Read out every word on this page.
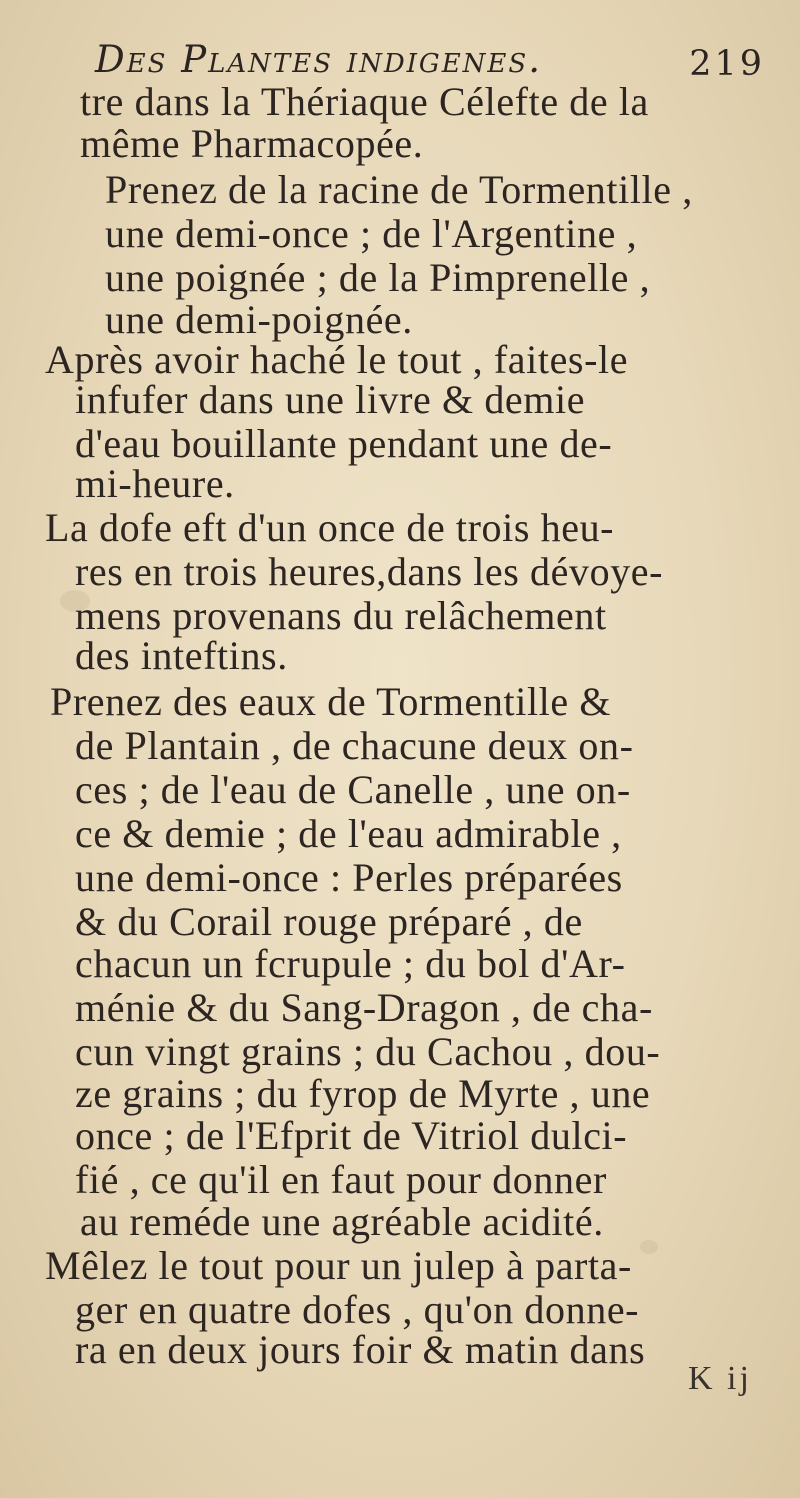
Des Plantes indigenes.	219
tre dans la Thériaque Célefte de la
même Pharmacopée.
Prenez de la racine de Tormentille ,
une demi-once ; de l'Argentine ,
une poignée ; de la Pimprenelle ,
une demi-poignée.
Après avoir haché le tout , faites-le
infufer dans une livre & demie
d'eau bouillante pendant une de-
mi-heure.
La dofe eft d'un once de trois heu-
res en trois heures,dans les dévoye-
mens provenans du relâchement
des inteftins.
Prenez des eaux de Tormentille &
de Plantain , de chacune deux on-
ces ; de l'eau de Canelle , une on-
ce & demie ; de l'eau admirable ,
une demi-once : Perles préparées
& du Corail rouge préparé , de
chacun un fcrupule ; du bol d'Ar-
ménie & du Sang-Dragon , de cha-
cun vingt grains ; du Cachou , dou-
ze grains ; du fyrop de Myrte , une
once ; de l'Efprit de Vitriol dulci-
fié , ce qu'il en faut pour donner
au reméde une agréable acidité.
Mêlez le tout pour un julep à parta-
ger en quatre dofes , qu'on donne-
ra en deux jours foir & matin dans
K ij
